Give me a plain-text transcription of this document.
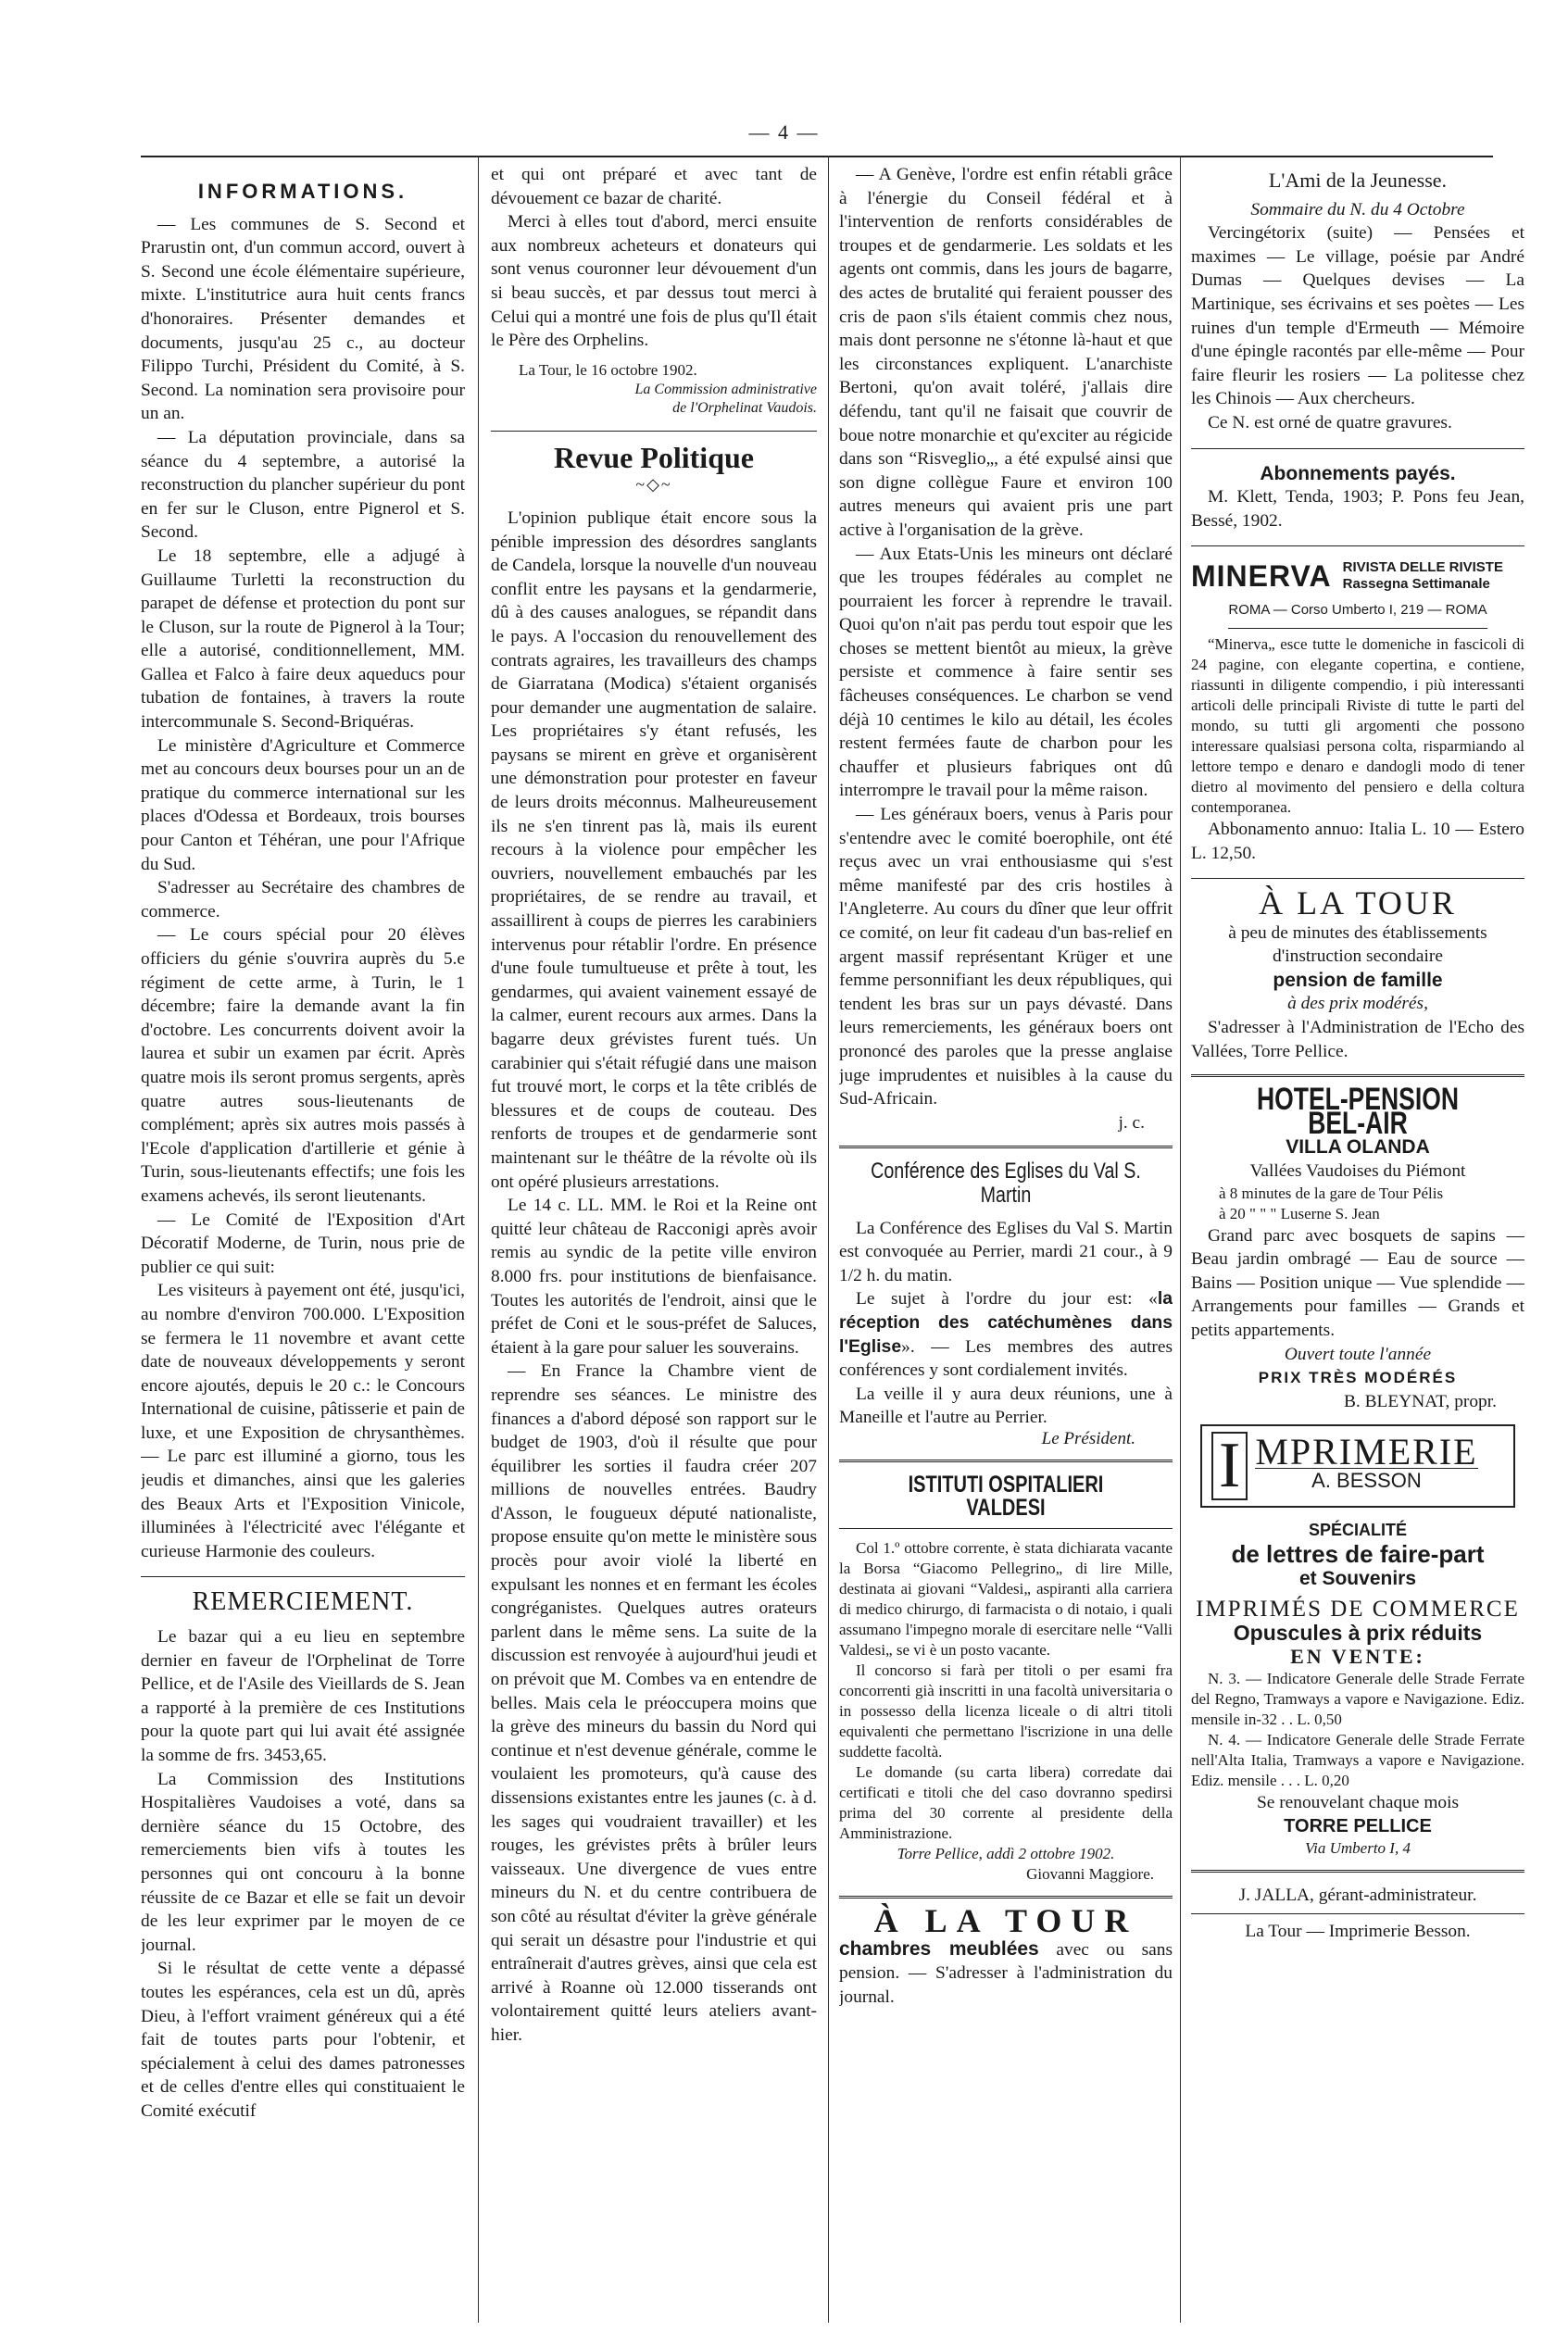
— 4 —
INFORMATIONS.

— Les communes de S. Second et Prarustin ont, d'un commun accord, ouvert à S. Second une école élémentaire supérieure, mixte. L'institutrice aura huit cents francs d'honoraires. Présenter demandes et documents, jusqu'au 25 c., au docteur Filippo Turchi, Président du Comité, à S. Second. La nomination sera provisoire pour un an.

— La députation provinciale, dans sa séance du 4 septembre, a autorisé la reconstruction du plancher supérieur du pont en fer sur le Cluson, entre Pignerol et S. Second.

Le 18 septembre, elle a adjugé à Guillaume Turletti la reconstruction du parapet de défense et protection du pont sur le Cluson, sur la route de Pignerol à la Tour; elle a autorisé, conditionnellement, MM. Gallea et Falco à faire deux aqueducs pour tubation de fontaines, à travers la route intercommunale S. Second-Briquéras.

Le ministère d'Agriculture et Commerce met au concours deux bourses pour un an de pratique du commerce international sur les places d'Odessa et Bordeaux, trois bourses pour Canton et Téhéran, une pour l'Afrique du Sud.

S'adresser au Secrétaire des chambres de commerce.

— Le cours spécial pour 20 élèves officiers du génie s'ouvrira auprès du 5.e régiment de cette arme, à Turin, le 1 décembre; faire la demande avant la fin d'octobre. Les concurrents doivent avoir la laurea et subir un examen par écrit. Après quatre mois ils seront promus sergents, après quatre autres sous-lieutenants de complément; après six autres mois passés à l'Ecole d'application d'artillerie et génie à Turin, sous-lieutenants effectifs; une fois les examens achevés, ils seront lieutenants.

— Le Comité de l'Exposition d'Art Décoratif Moderne, de Turin, nous prie de publier ce qui suit:

Les visiteurs à payement ont été, jusqu'ici, au nombre d'environ 700.000. L'Exposition se fermera le 11 novembre et avant cette date de nouveaux développements y seront encore ajoutés, depuis le 20 c.: le Concours International de cuisine, pâtisserie et pain de luxe, et une Exposition de chrysanthèmes. — Le parc est illuminé a giorno, tous les jeudis et dimanches, ainsi que les galeries des Beaux Arts et l'Exposition Vinicole, illuminées à l'électricité avec l'élégante et curieuse Harmonie des couleurs.

REMERCIEMENT.

Le bazar qui a eu lieu en septembre dernier en faveur de l'Orphelinat de Torre Pellice, et de l'Asile des Vieillards de S. Jean a rapporté à la première de ces Institutions pour la quote part qui lui avait été assignée la somme de frs. 3453,65.

La Commission des Institutions Hospitalières Vaudoises a voté, dans sa dernière séance du 15 Octobre, des remerciements bien vifs à toutes les personnes qui ont concouru à la bonne réussite de ce Bazar et elle se fait un devoir de les leur exprimer par le moyen de ce journal.

Si le résultat de cette vente a dépassé toutes les espérances, cela est un dû, après Dieu, à l'effort vraiment généreux qui a été fait de toutes parts pour l'obtenir, et spécialement à celui des dames patronesses et de celles d'entre elles qui constituaient le Comité exécutif

et qui ont préparé et avec tant de dévouement ce bazar de charité.

Merci à elles tout d'abord, merci ensuite aux nombreux acheteurs et donateurs qui sont venus couronner leur dévouement d'un si beau succès, et par dessus tout merci à Celui qui a montré une fois de plus qu'Il était le Père des Orphelins.

La Tour, le 16 octobre 1902.

La Commission administrative
de l'Orphelinat Vaudois.
Revue Politique
~◇~

L'opinion publique était encore sous la pénible impression des désordres sanglants de Candela, lorsque la nouvelle d'un nouveau conflit entre les paysans et la gendarmerie, dû à des causes analogues, se répandit dans le pays. A l'occasion du renouvellement des contrats agraires, les travailleurs des champs de Giarratana (Modica) s'étaient organisés pour demander une augmentation de salaire. Les propriétaires s'y étant refusés, les paysans se mirent en grève et organisèrent une démonstration pour protester en faveur de leurs droits méconnus. Malheureusement ils ne s'en tinrent pas là, mais ils eurent recours à la violence pour empêcher les ouvriers, nouvellement embauchés par les propriétaires, de se rendre au travail, et assaillirent à coups de pierres les carabiniers intervenus pour rétablir l'ordre. En présence d'une foule tumultueuse et prête à tout, les gendarmes, qui avaient vainement essayé de la calmer, eurent recours aux armes. Dans la bagarre deux grévistes furent tués. Un carabinier qui s'était réfugié dans une maison fut trouvé mort, le corps et la tête criblés de blessures et de coups de couteau. Des renforts de troupes et de gendarmerie sont maintenant sur le théâtre de la révolte où ils ont opéré plusieurs arrestations.

Le 14 c. LL. MM. le Roi et la Reine ont quitté leur château de Racconigi après avoir remis au syndic de la petite ville environ 8.000 frs. pour institutions de bienfaisance. Toutes les autorités de l'endroit, ainsi que le préfet de Coni et le sous-préfet de Saluces, étaient à la gare pour saluer les souverains.

— En France la Chambre vient de reprendre ses séances. Le ministre des finances a d'abord déposé son rapport sur le budget de 1903, d'où il résulte que pour équilibrer les sorties il faudra créer 207 millions de nouvelles entrées. Baudry d'Asson, le fougueux député nationaliste, propose ensuite qu'on mette le ministère sous procès pour avoir violé la liberté en expulsant les nonnes et en fermant les écoles congréganistes. Quelques autres orateurs parlent dans le même sens. La suite de la discussion est renvoyée à aujourd'hui jeudi et on prévoit que M. Combes va en entendre de belles. Mais cela le préoccupera moins que la grève des mineurs du bassin du Nord qui continue et n'est devenue générale, comme le voulaient les promoteurs, qu'à cause des dissensions existantes entre les jaunes (c. à d. les sages qui voudraient travailler) et les rouges, les grévistes prêts à brûler leurs vaisseaux. Une divergence de vues entre mineurs du N. et du centre contribuera de son côté au résultat d'éviter la grève générale qui serait un désastre pour l'industrie et qui entraînerait d'autres grèves, ainsi que cela est arrivé à Roanne où 12.000 tisserands ont volontairement quitté leurs ateliers avant-hier.

— A Genève, l'ordre est enfin rétabli grâce à l'énergie du Conseil fédéral et à l'intervention de renforts considérables de troupes et de gendarmerie. Les soldats et les agents ont commis, dans les jours de bagarre, des actes de brutalité qui feraient pousser des cris de paon s'ils étaient commis chez nous, mais dont personne ne s'étonne là-haut et que les circonstances expliquent. L'anarchiste Bertoni, qu'on avait toléré, j'allais dire défendu, tant qu'il ne faisait que couvrir de boue notre monarchie et qu'exciter au régicide dans son “Risveglio„, a été expulsé ainsi que son digne collègue Faure et environ 100 autres meneurs qui avaient pris une part active à l'organisation de la grève.

— Aux Etats-Unis les mineurs ont déclaré que les troupes fédérales au complet ne pourraient les forcer à reprendre le travail. Quoi qu'on n'ait pas perdu tout espoir que les choses se mettent bientôt au mieux, la grève persiste et commence à faire sentir ses fâcheuses conséquences. Le charbon se vend déjà 10 centimes le kilo au détail, les écoles restent fermées faute de charbon pour les chauffer et plusieurs fabriques ont dû interrompre le travail pour la même raison.

— Les généraux boers, venus à Paris pour s'entendre avec le comité boerophile, ont été reçus avec un vrai enthousiasme qui s'est même manifesté par des cris hostiles à l'Angleterre. Au cours du dîner que leur offrit ce comité, on leur fit cadeau d'un bas-relief en argent massif représentant Krüger et une femme personnifiant les deux républiques, qui tendent les bras sur un pays dévasté. Dans leurs remerciements, les généraux boers ont prononcé des paroles que la presse anglaise juge imprudentes et nuisibles à la cause du Sud-Africain.

j. c.
Conférence des Eglises du Val S. Martin

La Conférence des Eglises du Val S. Martin est convoquée au Perrier, mardi 21 cour., à 9 1/2 h. du matin.

Le sujet à l'ordre du jour est: «la réception des catéchumènes dans l'Eglise». — Les membres des autres conférences y sont cordialement invités.

La veille il y aura deux réunions, une à Maneille et l'autre au Perrier.

Le Président.
ISTITUTI OSPITALIERI VALDESI

Col 1.º ottobre corrente, è stata dichiarata vacante la Borsa “Giacomo Pellegrino„ di lire Mille, destinata ai giovani “Valdesi„ aspiranti alla carriera di medico chirurgo, di farmacista o di notaio, i quali assumano l'impegno morale di esercitare nelle “Valli Valdesi„ se vi è un posto vacante.

Il concorso si farà per titoli o per esami fra concorrenti già inscritti in una facoltà universitaria o in possesso della licenza liceale o di altri titoli equivalenti che permettano l'iscrizione in una delle suddette facoltà.

Le domande (su carta libera) corredate dai certificati e titoli che del caso dovranno spedirsi prima del 30 corrente al presidente della Amministrazione.

Torre Pellice, addì 2 ottobre 1902.
Giovanni Maggiore.
À LA TOUR

chambres meublées avec ou sans pension. — S'adresser à l'administration du journal.

L'Ami de la Jeunesse.
Sommaire du N. du 4 Octobre

Vercingétorix (suite) — Pensées et maximes — Le village, poésie par André Dumas — Quelques devises — La Martinique, ses écrivains et ses poètes — Les ruines d'un temple d'Ermeuth — Mémoire d'une épingle racontés par elle-même — Pour faire fleurir les rosiers — La politesse chez les Chinois — Aux chercheurs.

Ce N. est orné de quatre gravures.

Abonnements payés.

M. Klett, Tenda, 1903; P. Pons feu Jean, Bessé, 1902.

MINERVA RIVISTA DELLE RIVISTE
Rassegna Settimanale
ROMA — Corso Umberto I, 219 — ROMA

“Minerva„ esce tutte le domeniche in fascicoli di 24 pagine, con elegante copertina, e contiene, riassunti in diligente compendio, i più interessanti articoli delle principali Riviste di tutte le parti del mondo, su tutti gli argomenti che possono interessare qualsiasi persona colta, risparmiando al lettore tempo e denaro e dandogli modo di tener dietro al movimento del pensiero e della coltura contemporanea.

Abbonamento annuo: Italia L. 10 — Estero L. 12,50.

À LA TOUR

à peu de minutes des établissements d'instruction secondaire

pension de famille
à des prix modérés,

S'adresser à l'Administration de l'Echo des Vallées, Torre Pellice.

HOTEL-PENSION BEL-AIR
VILLA OLANDA
Vallées Vaudoises du Piémont
à 8 minutes de la gare de Tour Pélis
à 20 " " " Luserne S. Jean

Grand parc avec bosquets de sapins — Beau jardin ombragé — Eau de source — Bains — Position unique — Vue splendide — Arrangements pour familles — Grands et petits appartements.

Ouvert toute l'année
PRIX TRÈS MODÉRÉS
B. BLEYNAT, propr.
I MPRIMERIE
A. BESSON
SPÉCIALITÉ
de lettres de faire-part
et Souvenirs
IMPRIMÉS DE COMMERCE
Opuscules à prix réduits
EN VENTE:

N. 3. — Indicatore Generale delle Strade Ferrate del Regno, Tramways a vapore e Navigazione. Ediz. mensile in-32 . . L. 0,50

N. 4. — Indicatore Generale delle Strade Ferrate nell'Alta Italia, Tramways a vapore e Navigazione. Ediz. mensile . . . L. 0,20

Se renouvelant chaque mois
TORRE PELLICE
Via Umberto I, 4
J. JALLA, gérant-administrateur.
La Tour — Imprimerie Besson.
